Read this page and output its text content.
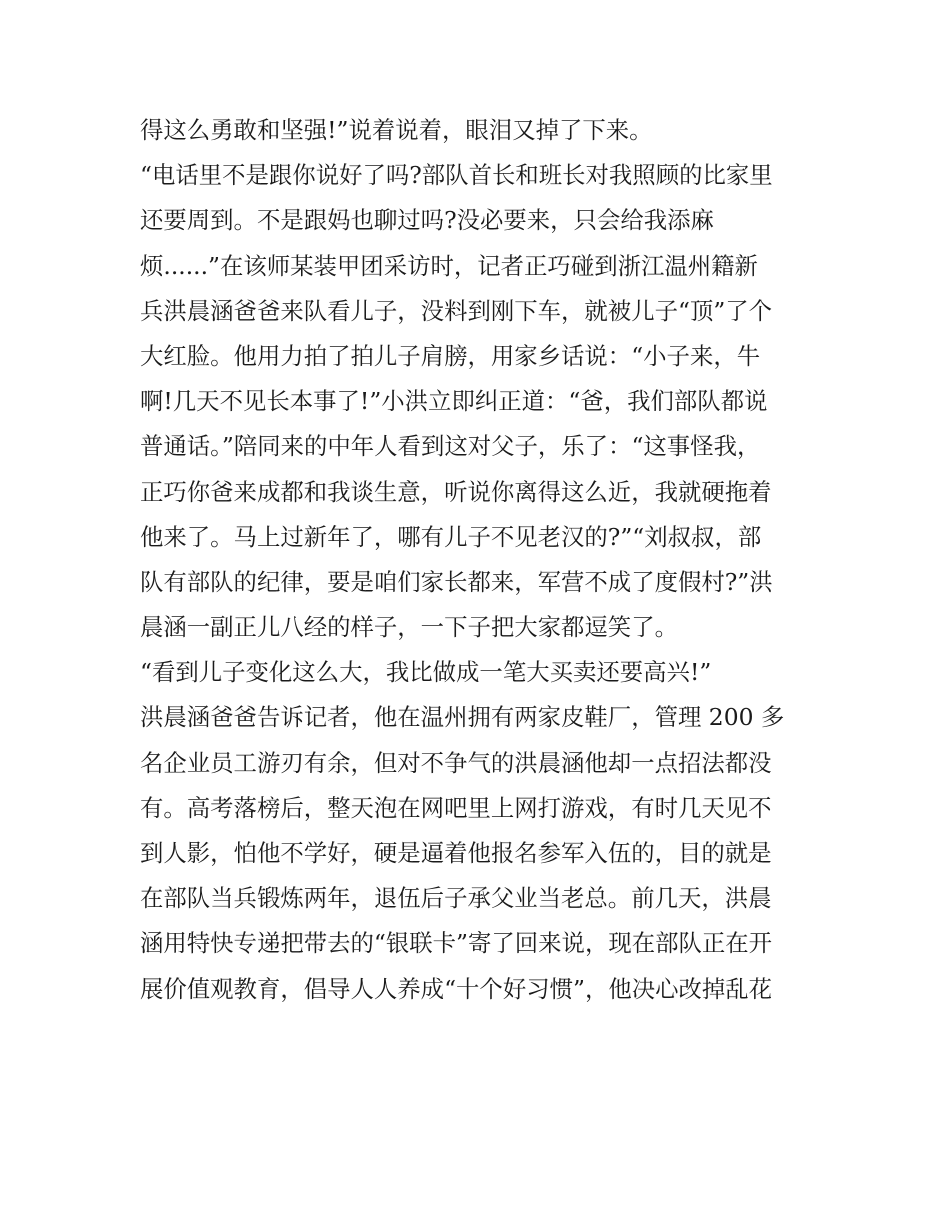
得这么勇敢和坚强!”说着说着，眼泪又掉了下来。
“电话里不是跟你说好了吗?部队首长和班长对我照顾的比家里
还要周到。不是跟妈也聊过吗?没必要来，只会给我添麻
烦......”在该师某装甲团采访时，记者正巧碰到浙江温州籍新
兵洪晨涵爸爸来队看儿子，没料到刚下车，就被儿子“顶”了个
大红脸。他用力拍了拍儿子肩膀，用家乡话说：“小子来，牛
啊!几天不见长本事了!”小洪立即纠正道：“爸，我们部队都说
普通话。”陪同来的中年人看到这对父子，乐了：“这事怪我，
正巧你爸来成都和我谈生意，听说你离得这么近，我就硬拖着
他来了。马上过新年了，哪有儿子不见老汉的?”“刘叔叔，部
队有部队的纪律，要是咱们家长都来，军营不成了度假村?”洪
晨涵一副正儿八经的样子，一下子把大家都逗笑了。
“看到儿子变化这么大，我比做成一笔大买卖还要高兴!”
洪晨涵爸爸告诉记者，他在温州拥有两家皮鞋厂，管理 200 多
名企业员工游刃有余，但对不争气的洪晨涵他却一点招法都没
有。高考落榜后，整天泡在网吧里上网打游戏，有时几天见不
到人影，怕他不学好，硬是逼着他报名参军入伍的，目的就是
在部队当兵锻炼两年，退伍后子承父业当老总。前几天，洪晨
涵用特快专递把带去的“银联卡”寄了回来说，现在部队正在开
展价值观教育，倡导人人养成“十个好习惯”，他决心改掉乱花
